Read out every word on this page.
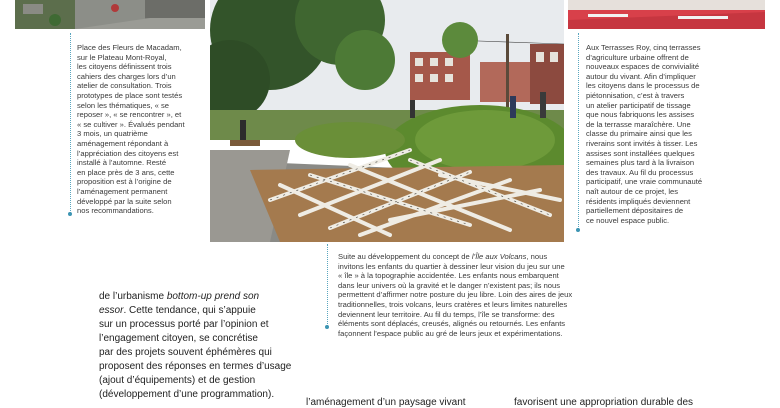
Place des Fleurs de Macadam,

sur le Plateau Mont-Royal,

les citoyens définissent trois

cahiers des charges lors d’un

atelier de consultation. Trois

prototypes de place sont testés

selon les thématiques, « se

reposer », « se rencontrer », et

« se cultiver ». Évalués pendant

3 mois, un quatrième

aménagement répondant à

l’appréciation des citoyens est

installé à l’automne. Resté

en place près de 3 ans, cette

proposition est à l’origine de

l’aménagement permanent

développé par la suite selon

nos recommandations.

Aux Terrasses Roy, cinq terrasses

d’agriculture urbaine offrent de

nouveaux espaces de convivialité

autour du vivant. Afin d’impliquer

les citoyens dans le processus de

piétonnisation, c’est à travers

un atelier participatif de tissage

que nous fabriquons les assises

de la terrasse maraîchère. Une

classe du primaire ainsi que les

riverains sont invités à tisser. Les

assises sont installées quelques

semaines plus tard à la livraison

des travaux. Au fil du processus

participatif, une vraie communauté

naît autour de ce projet, les

résidents impliqués deviennent

partiellement dépositaires de

ce nouvel espace public.

Suite au développement du concept de l’Île aux Volcans, nous

invitons les enfants du quartier à dessiner leur vision du jeu sur une

« île » à la topographie accidentée. Les enfants nous embarquent

dans leur univers où la gravité et le danger n’existent pas; ils nous

permettent d’affirmer notre posture du jeu libre. Loin des aires de jeux

traditionnelles, trois volcans, leurs cratères et leurs limites naturelles

deviennent leur territoire. Au fil du temps, l’île se transforme: des

éléments sont déplacés, creusés, alignés ou retournés. Les enfants

façonnent l’espace public au gré de leurs jeux et expérimentations.

de l’urbanisme bottom-up prend son

essor. Cette tendance, qui s’appuie

sur un processus porté par l’opinion et

l’engagement citoyen, se concrétise

par des projets souvent éphémères qui

proposent des réponses en termes d’usage

(ajout d’équipements) et de gestion

(développement d’une programmation).

l’aménagement d’un paysage vivant	favorisent une appropriation durable des
